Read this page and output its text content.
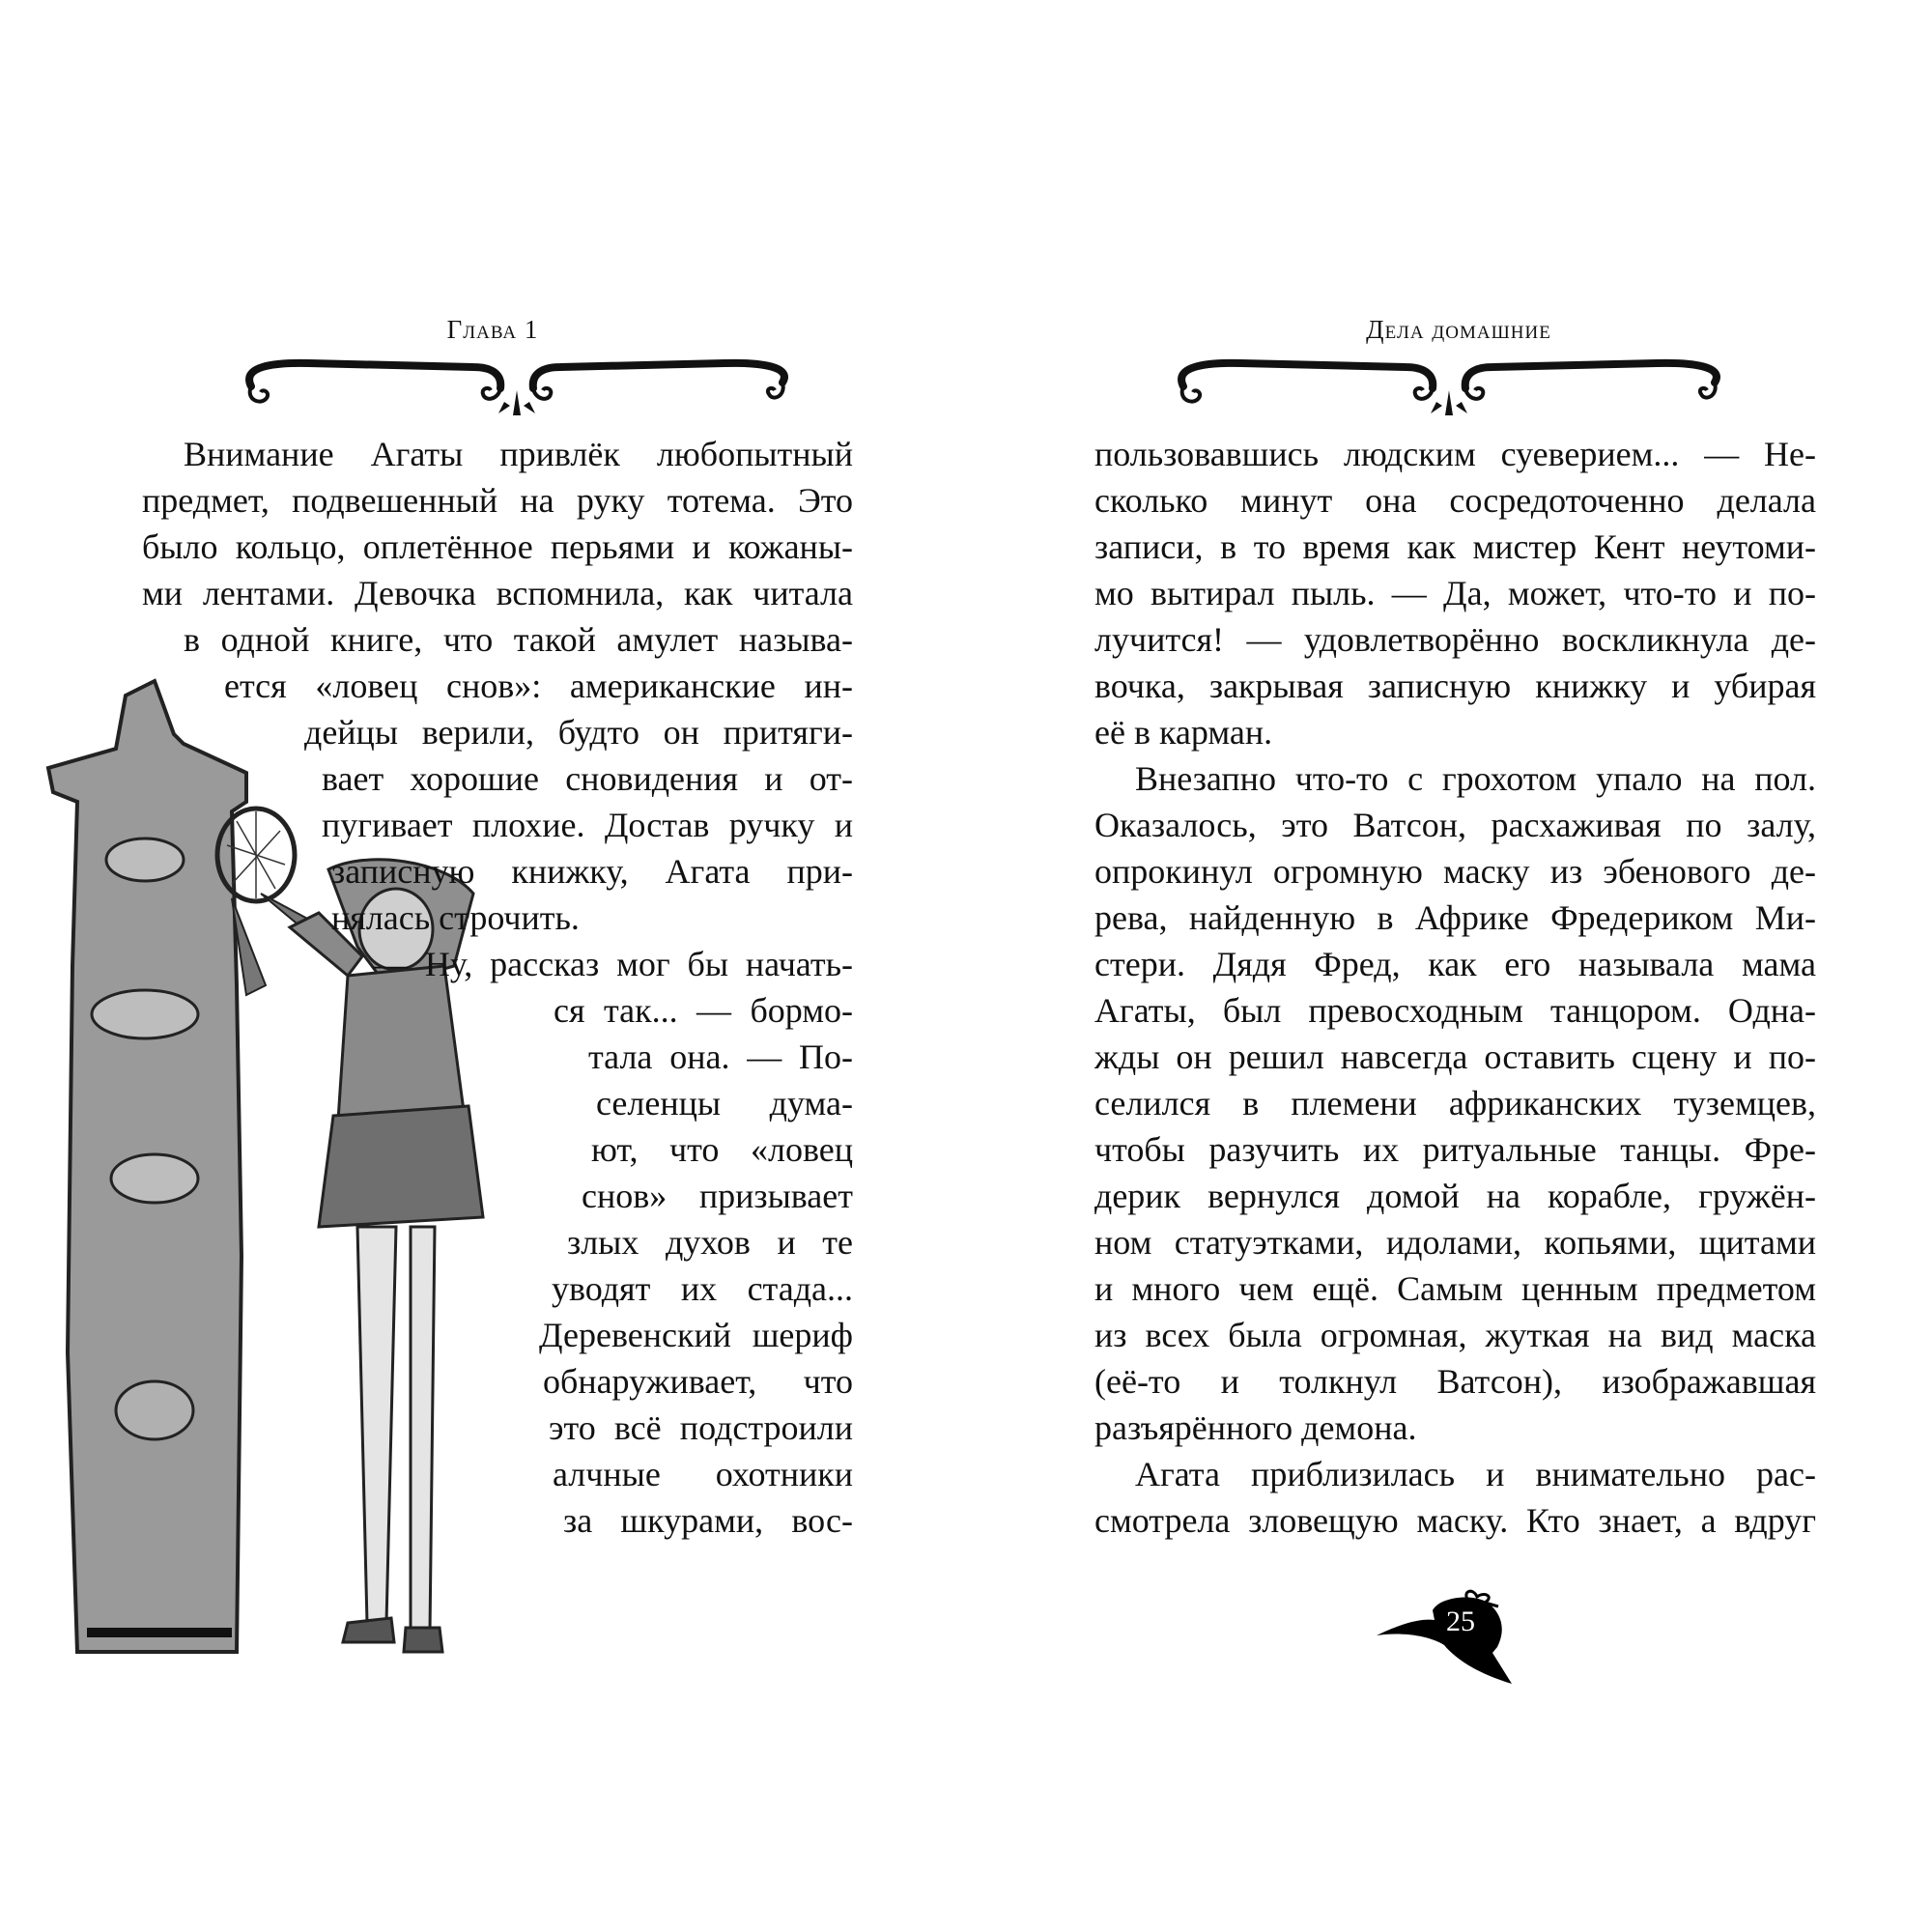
Глава 1
Внимание Агаты привлёк любопытный
предмет, подвешенный на руку тотема. Это
было кольцо, оплетённое перьями и кожаны-
ми лентами. Девочка вспомнила, как читала
в одной книге, что такой амулет называ-
ется «ловец снов»: американские ин-
дейцы верили, будто он притяги-
вает хорошие сновидения и от-
пугивает плохие. Достав ручку и
записную книжку, Агата при-
нялась строчить.
— Ну, рассказ мог бы начать-
ся так... — бормо-
тала она. — По-
селенцы дума-
ют, что «ловец
снов» призывает
злых духов и те
уводят их стада...
Деревенский шериф
обнаруживает, что
это всё подстроили
алчные охотники
за шкурами, вос-
Дела домашние
пользовавшись людским суеверием... — Не-
сколько минут она сосредоточенно делала
записи, в то время как мистер Кент неутоми-
мо вытирал пыль. — Да, может, что-то и по-
лучится! — удовлетворённо воскликнула де-
вочка, закрывая записную книжку и убирая
её в карман.
Внезапно что-то с грохотом упало на пол.
Оказалось, это Ватсон, расхаживая по залу,
опрокинул огромную маску из эбенового де-
рева, найденную в Африке Фредериком Ми-
стери. Дядя Фред, как его называла мама
Агаты, был превосходным танцором. Одна-
жды он решил навсегда оставить сцену и по-
селился в племени африканских туземцев,
чтобы разучить их ритуальные танцы. Фре-
дерик вернулся домой на корабле, гружён-
ном статуэтками, идолами, копьями, щитами
и много чем ещё. Самым ценным предметом
из всех была огромная, жуткая на вид маска
(её-то и толкнул Ватсон), изображавшая
разъярённого демона.
Агата приблизилась и внимательно рас-
смотрела зловещую маску. Кто знает, а вдруг
25
